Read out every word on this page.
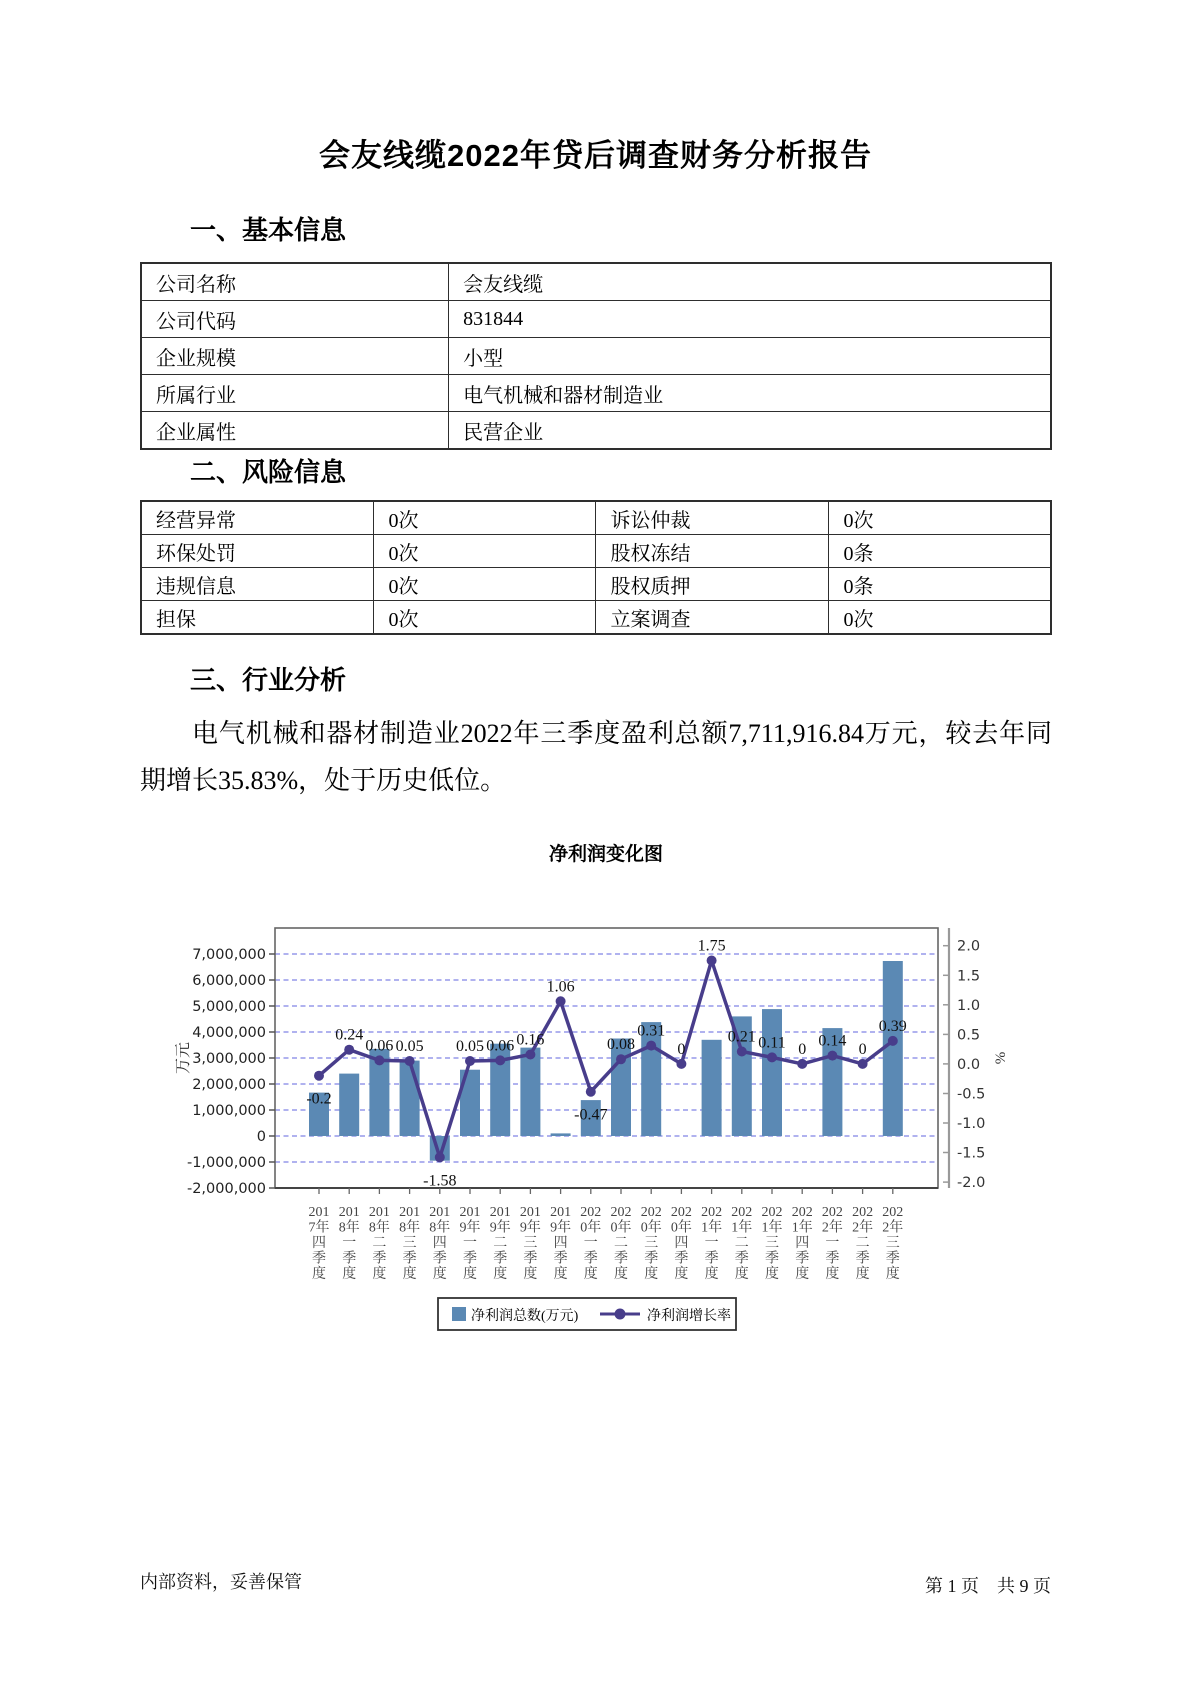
会友线缆2022年贷后调查财务分析报告
一、基本信息
公司名称	会友线缆
公司代码	831844
企业规模	小型
所属行业	电气机械和器材制造业
企业属性	民营企业
二、风险信息
经营异常	0次	诉讼仲裁	0次
环保处罚	0次	股权冻结	0条
违规信息	0次	股权质押	0条
担保	0次	立案调查	0次
三、行业分析
电气机械和器材制造业2022年三季度盈利总额7,711,916.84万元，较去年同期增长35.83%，处于历史低位。
净利润变化图
7,000,000
6,000,000
5,000,000
4,000,000
3,000,000
2,000,000
1,000,000
0
-1,000,000
-2,000,000
万元
201
7年
四
季
度
201
8年
一
季
度
201
8年
二
季
度
201
8年
三
季
度
201
8年
四
季
度
201
9年
一
季
度
201
9年
二
季
度
201
9年
三
季
度
201
9年
四
季
度
202
0年
一
季
度
202
0年
二
季
度
202
0年
三
季
度
202
0年
四
季
度
202
1年
一
季
度
202
1年
二
季
度
202
1年
三
季
度
202
1年
四
季
度
202
2年
一
季
度
202
2年
二
季
度
202
2年
三
季
度
2.0
1.5
1.0
0.5
0.0
-0.5
-1.0
-1.5
-2.0
%
-0.2
0.24
0.06 0.05
-1.58
0.05 0.06 0.16
1.06
-0.47
0.08
0.31
0
1.75
0.21 0.11 0 0.14 0
0.39
净利润总数(万元)	净利润增长率
内部资料，妥善保管	第 1 页　共 9 页
